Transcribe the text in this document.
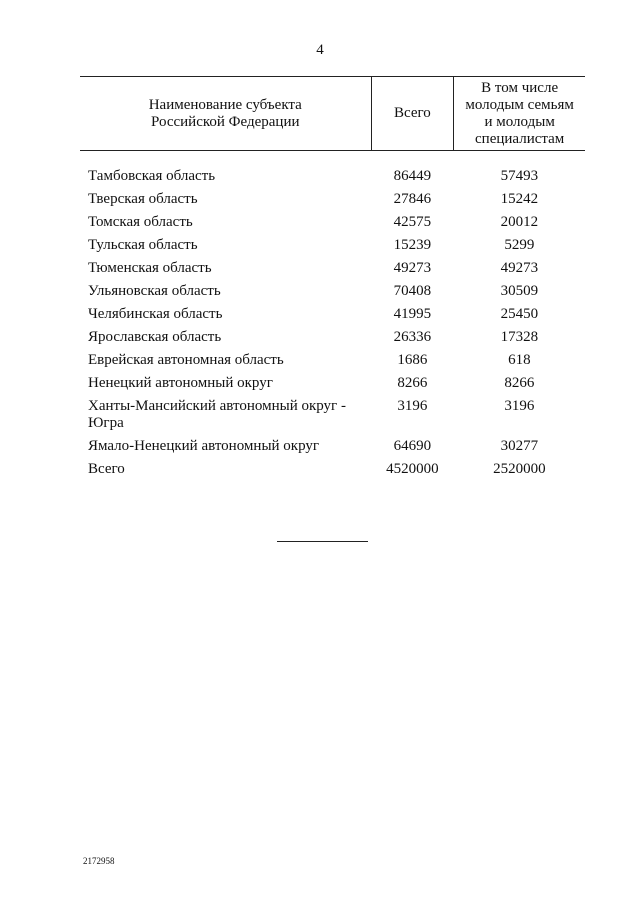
4
Наименование субъекта
Российской Федерации	Всего	В том числе
молодым семьям
и молодым
специалистам

Тамбовская область	86449	57493

Тверская область	27846	15242

Томская область	42575	20012

Тульская область	15239	5299

Тюменская область	49273	49273

Ульяновская область	70408	30509

Челябинская область	41995	25450

Ярославская область	26336	17328

Еврейская автономная область	1686	618

Ненецкий автономный округ	8266	8266

Ханты-Мансийский автономный округ -
Югра	3196	3196

Ямало-Ненецкий автономный округ	64690	30277

Всего	4520000	2520000
2172958
